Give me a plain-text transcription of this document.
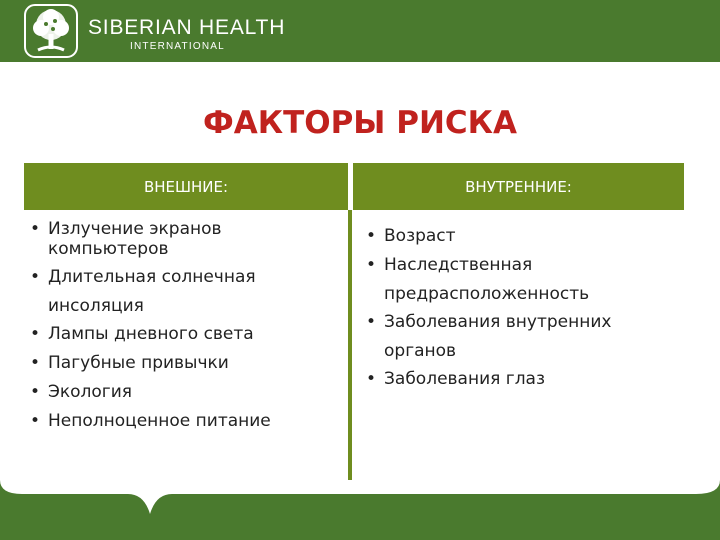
SIBERIAN HEALTH
INTERNATIONAL
ФАКТОРЫ РИСКА
ВНЕШНИЕ:	ВНУТРЕННИЕ:
• Излучение экранов
компьютеров
• Длительная солнечная
инсоляция
• Лампы дневного света
• Пагубные привычки
• Экология
• Неполноценное питание
• Возраст
• Наследственная
предрасположенность
• Заболевания внутренних
органов
• Заболевания глаз
